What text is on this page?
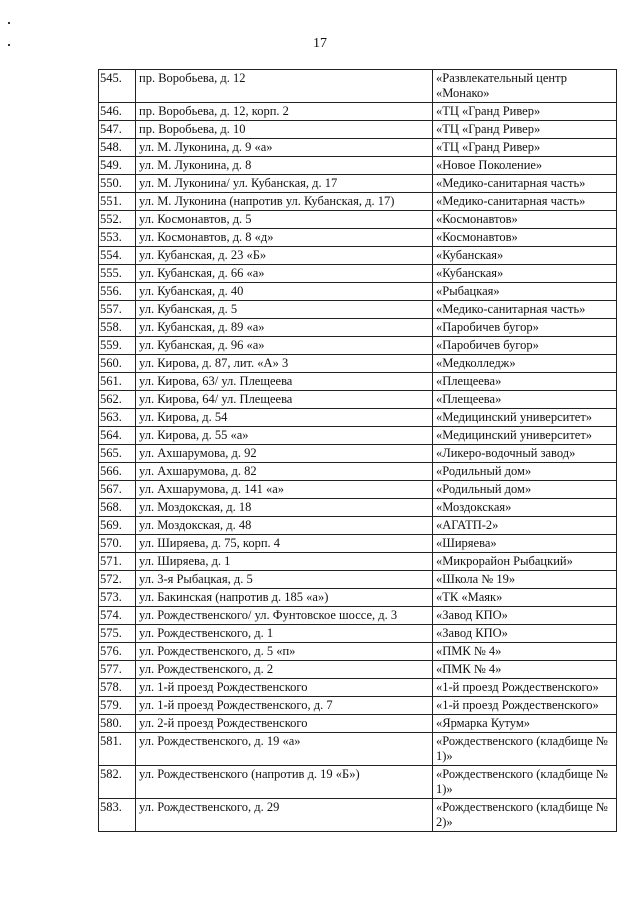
17
545.	пр. Воробьева, д. 12	«Развлекательный центр «Монако»
546.	пр. Воробьева, д. 12, корп. 2	«ТЦ «Гранд Ривер»
547.	пр. Воробьева, д. 10	«ТЦ «Гранд Ривер»
548.	ул. М. Луконина, д. 9 «а»	«ТЦ «Гранд Ривер»
549.	ул. М. Луконина, д. 8	«Новое Поколение»
550.	ул. М. Луконина/ ул. Кубанская, д. 17	«Медико-санитарная часть»
551.	ул. М. Луконина (напротив ул. Кубанская, д. 17)	«Медико-санитарная часть»
552.	ул. Космонавтов, д. 5	«Космонавтов»
553.	ул. Космонавтов, д. 8 «д»	«Космонавтов»
554.	ул. Кубанская, д. 23 «Б»	«Кубанская»
555.	ул. Кубанская, д. 66 «а»	«Кубанская»
556.	ул. Кубанская, д. 40	«Рыбацкая»
557.	ул. Кубанская, д. 5	«Медико-санитарная часть»
558.	ул. Кубанская, д. 89 «а»	«Паробичев бугор»
559.	ул. Кубанская, д. 96 «а»	«Паробичев бугор»
560.	ул. Кирова, д. 87, лит. «А» 3	«Медколледж»
561.	ул. Кирова, 63/ ул. Плещеева	«Плещеева»
562.	ул. Кирова, 64/ ул. Плещеева	«Плещеева»
563.	ул. Кирова, д. 54	«Медицинский университет»
564.	ул. Кирова, д. 55 «а»	«Медицинский университет»
565.	ул. Ахшарумова, д. 92	«Ликеро-водочный завод»
566.	ул. Ахшарумова, д. 82	«Родильный дом»
567.	ул. Ахшарумова, д. 141 «а»	«Родильный дом»
568.	ул. Моздокская, д. 18	«Моздокская»
569.	ул. Моздокская, д. 48	«АГАТП-2»
570.	ул. Ширяева, д. 75, корп. 4	«Ширяева»
571.	ул. Ширяева, д. 1	«Микрорайон Рыбацкий»
572.	ул. 3-я Рыбацкая, д. 5	«Школа № 19»
573.	ул. Бакинская (напротив д. 185 «а»)	«ТК «Маяк»
574.	ул. Рождественского/ ул. Фунтовское шоссе, д. 3	«Завод КПО»
575.	ул. Рождественского, д. 1	«Завод КПО»
576.	ул. Рождественского, д. 5 «п»	«ПМК № 4»
577.	ул. Рождественского, д. 2	«ПМК № 4»
578.	ул. 1-й проезд Рождественского	«1-й проезд Рождественского»
579.	ул. 1-й проезд Рождественского, д. 7	«1-й проезд Рождественского»
580.	ул. 2-й проезд Рождественского	«Ярмарка Кутум»
581.	ул. Рождественского, д. 19 «а»	«Рождественского (кладбище № 1)»
582.	ул. Рождественского (напротив д. 19 «Б»)	«Рождественского (кладбище № 1)»
583.	ул. Рождественского, д. 29	«Рождественского (кладбище № 2)»
